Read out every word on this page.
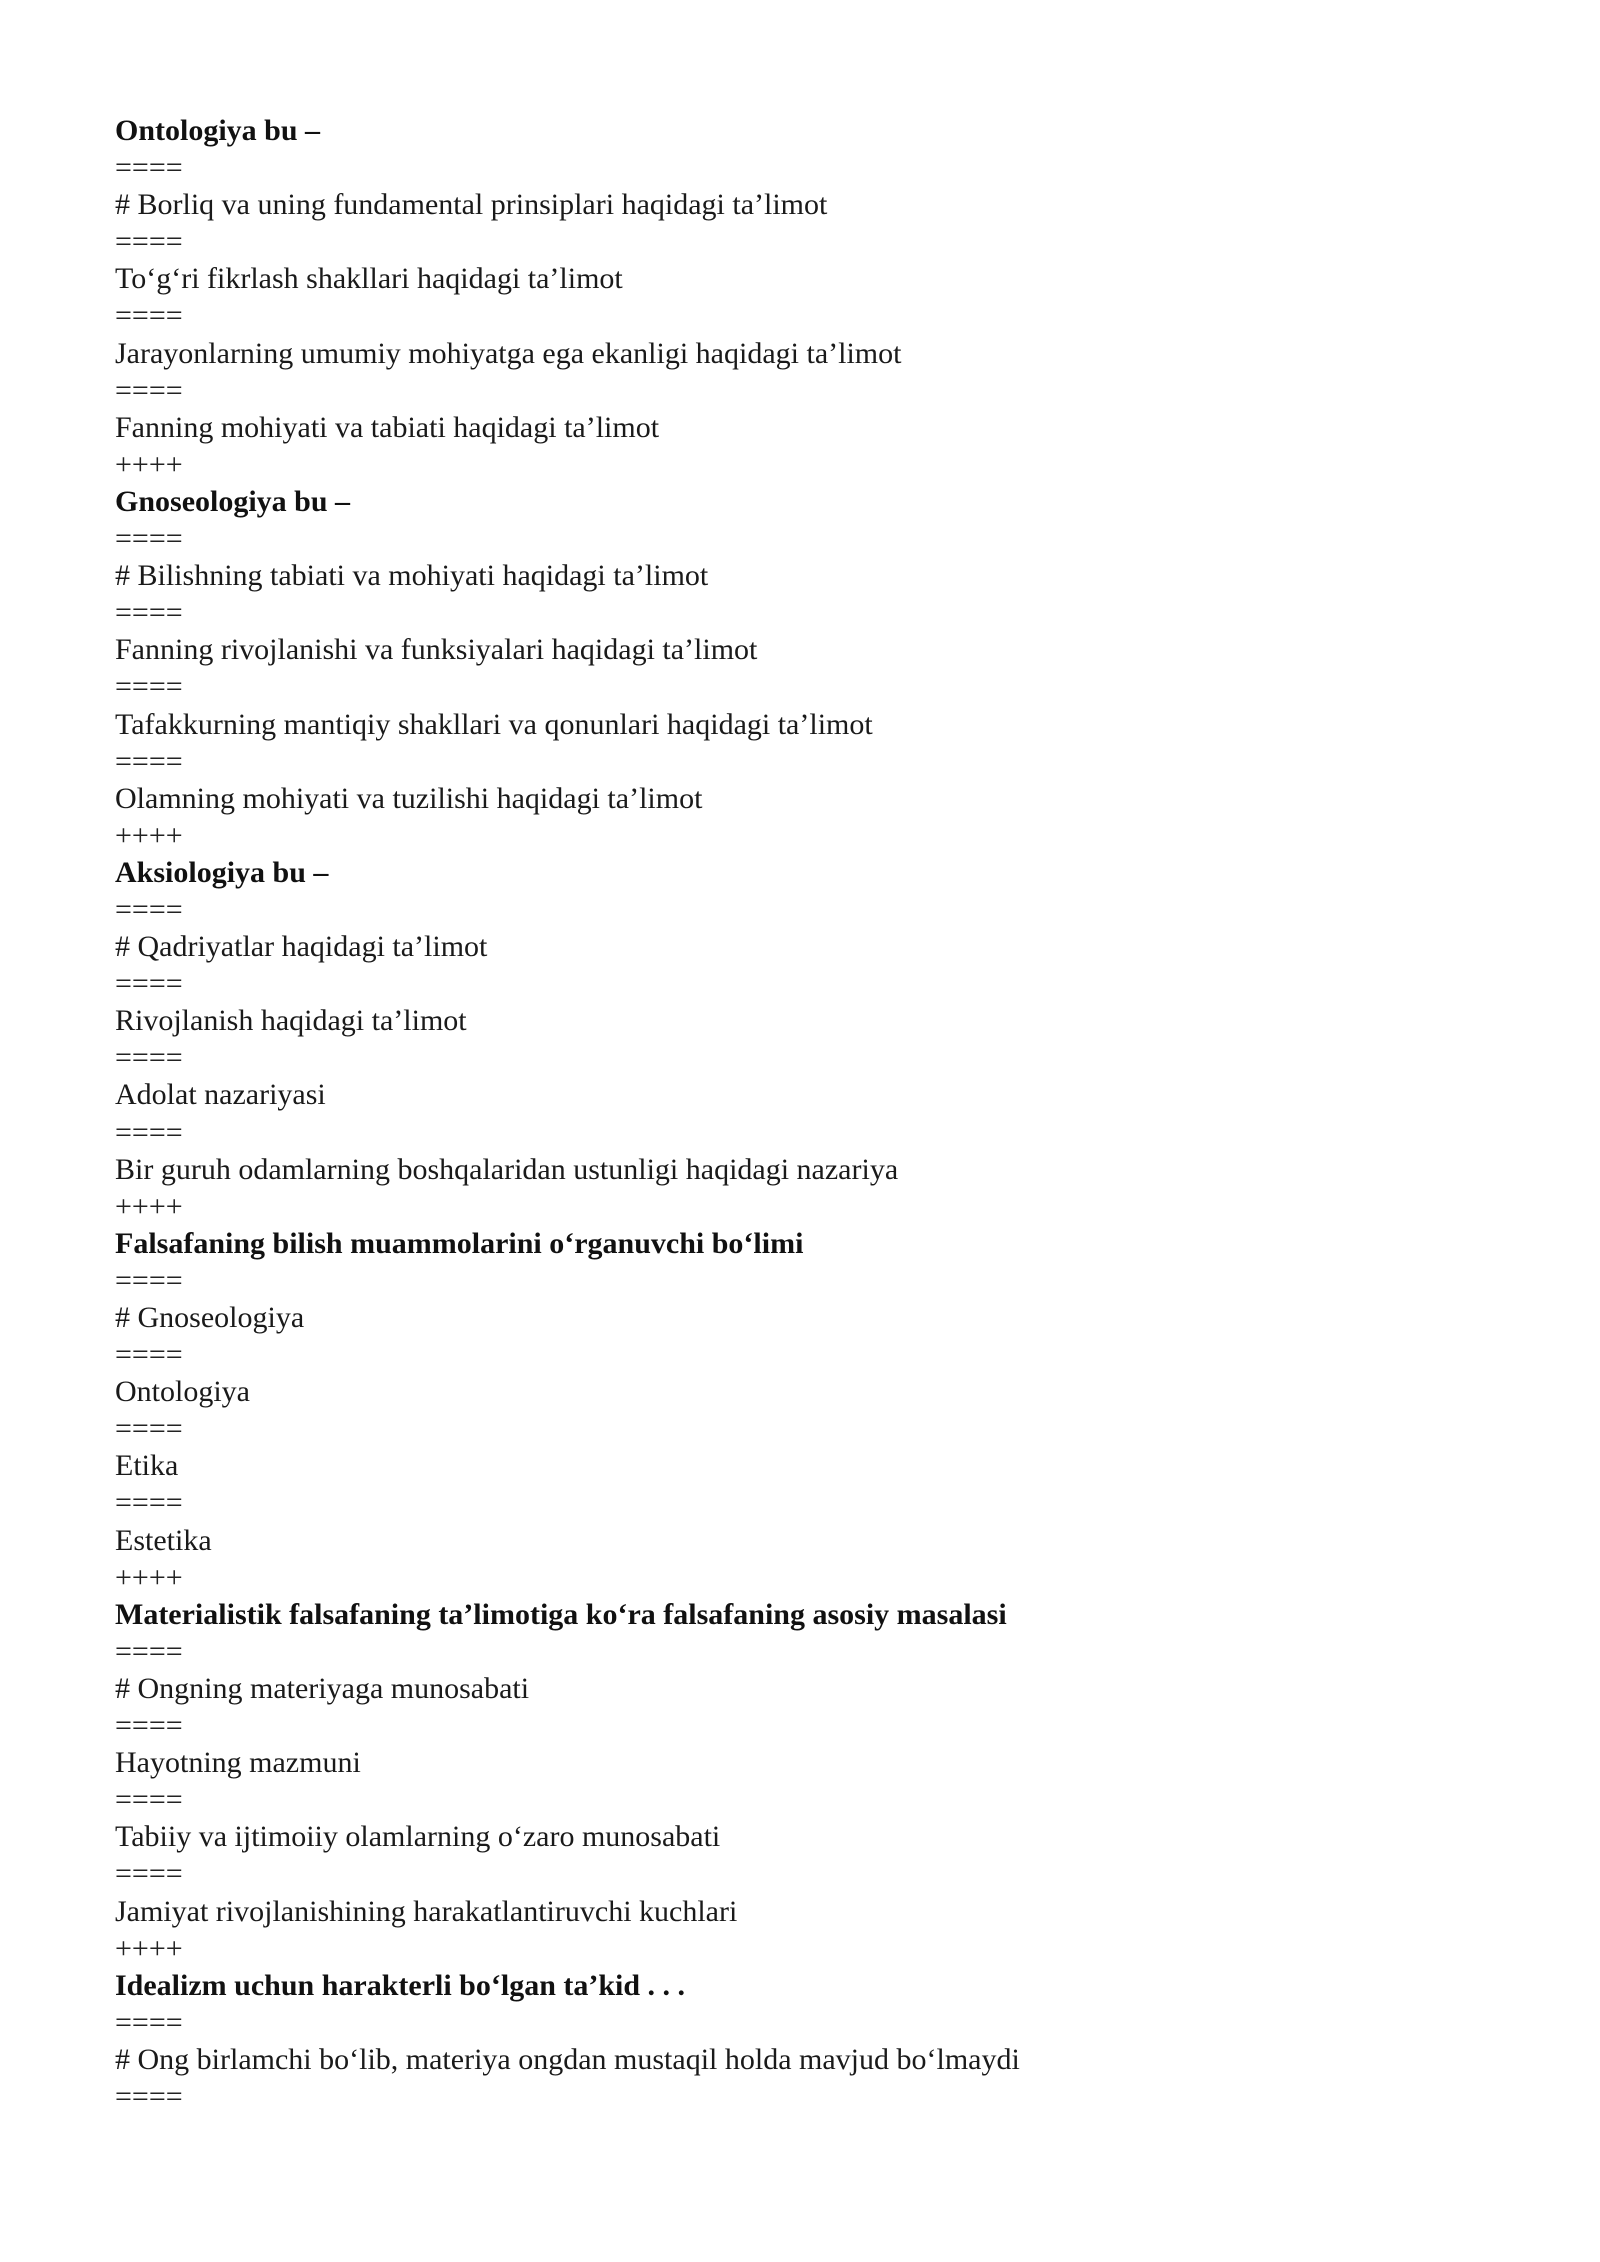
Ontologiya bu –
====
# Borliq va uning fundamental prinsiplari haqidagi ta’limot
====
To‘g‘ri fikrlash shakllari haqidagi ta’limot
====
Jarayonlarning umumiy mohiyatga ega ekanligi haqidagi ta’limot
====
Fanning mohiyati va tabiati haqidagi ta’limot
++++
Gnoseologiya bu –
====
# Bilishning tabiati va mohiyati haqidagi ta’limot
====
Fanning rivojlanishi va funksiyalari haqidagi ta’limot
====
Tafakkurning mantiqiy shakllari va qonunlari haqidagi ta’limot
====
Olamning mohiyati va tuzilishi haqidagi ta’limot
++++
Aksiologiya bu –
====
# Qadriyatlar haqidagi ta’limot
====
Rivojlanish haqidagi ta’limot
====
Adolat nazariyasi
====
Bir guruh odamlarning boshqalaridan ustunligi haqidagi nazariya
++++
Falsafaning bilish muammolarini o‘rganuvchi bo‘limi
====
# Gnoseologiya
====
Ontologiya
====
Etika
====
Estetika
++++
Materialistik falsafaning ta’limotiga ko‘ra falsafaning asosiy masalasi
====
# Ongning materiyaga munosabati
====
Hayotning mazmuni
====
Tabiiy va ijtimoiiy olamlarning o‘zaro munosabati
====
Jamiyat rivojlanishining harakatlantiruvchi kuchlari
++++
Idealizm uchun harakterli bo‘lgan ta’kid . . .
====
# Ong birlamchi bo‘lib, materiya ongdan mustaqil holda mavjud bo‘lmaydi
====
